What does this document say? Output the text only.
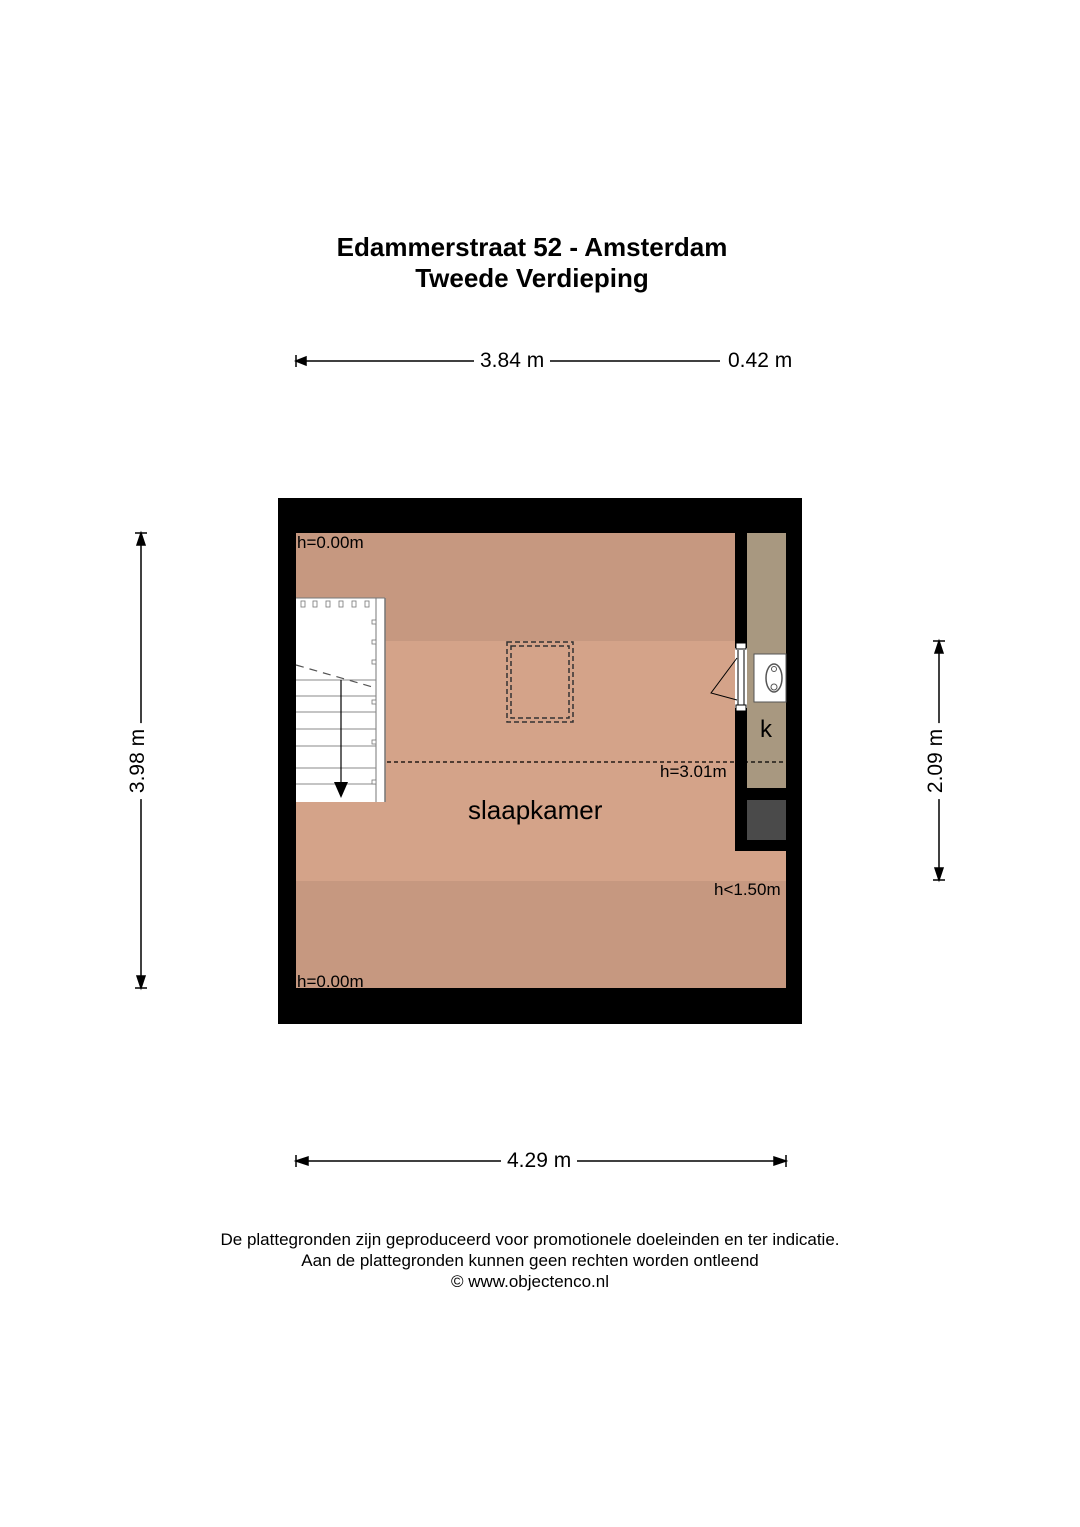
Edammerstraat 52 - Amsterdam
Tweede Verdieping
3.84 m	0.42 m
3.98 m	2.09 m
4.29 m
h=0.00m
h=3.01m
h<1.50m
h=0.00m
slaapkamer
k
De plattegronden zijn geproduceerd voor promotionele doeleinden en ter indicatie.
Aan de plattegronden kunnen geen rechten worden ontleend
© www.objectenco.nl
